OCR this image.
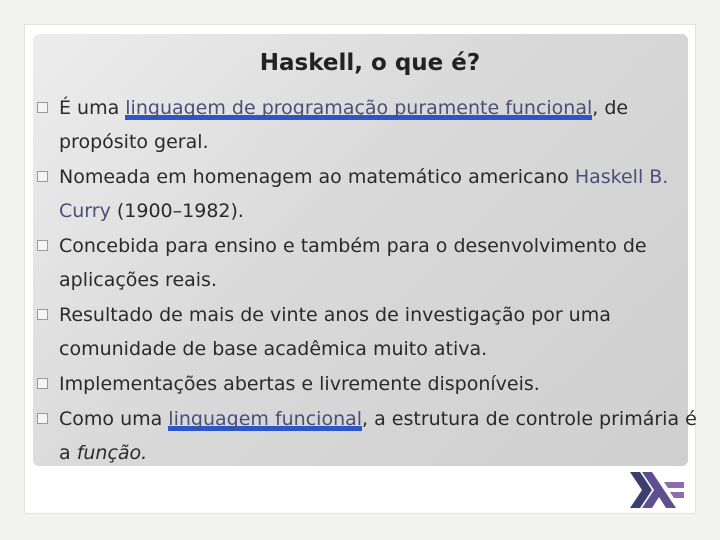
Haskell, o que é?
É uma linguagem de programação puramente funcional, de propósito geral.
Nomeada em homenagem ao matemático americano Haskell B. Curry (1900–1982).
Concebida para ensino e também para o desenvolvimento de aplicações reais.
Resultado de mais de vinte anos de investigação por uma comunidade de base acadêmica muito ativa.
Implementações abertas e livremente disponíveis.
Como uma linguagem funcional, a estrutura de controle primária é a função.
